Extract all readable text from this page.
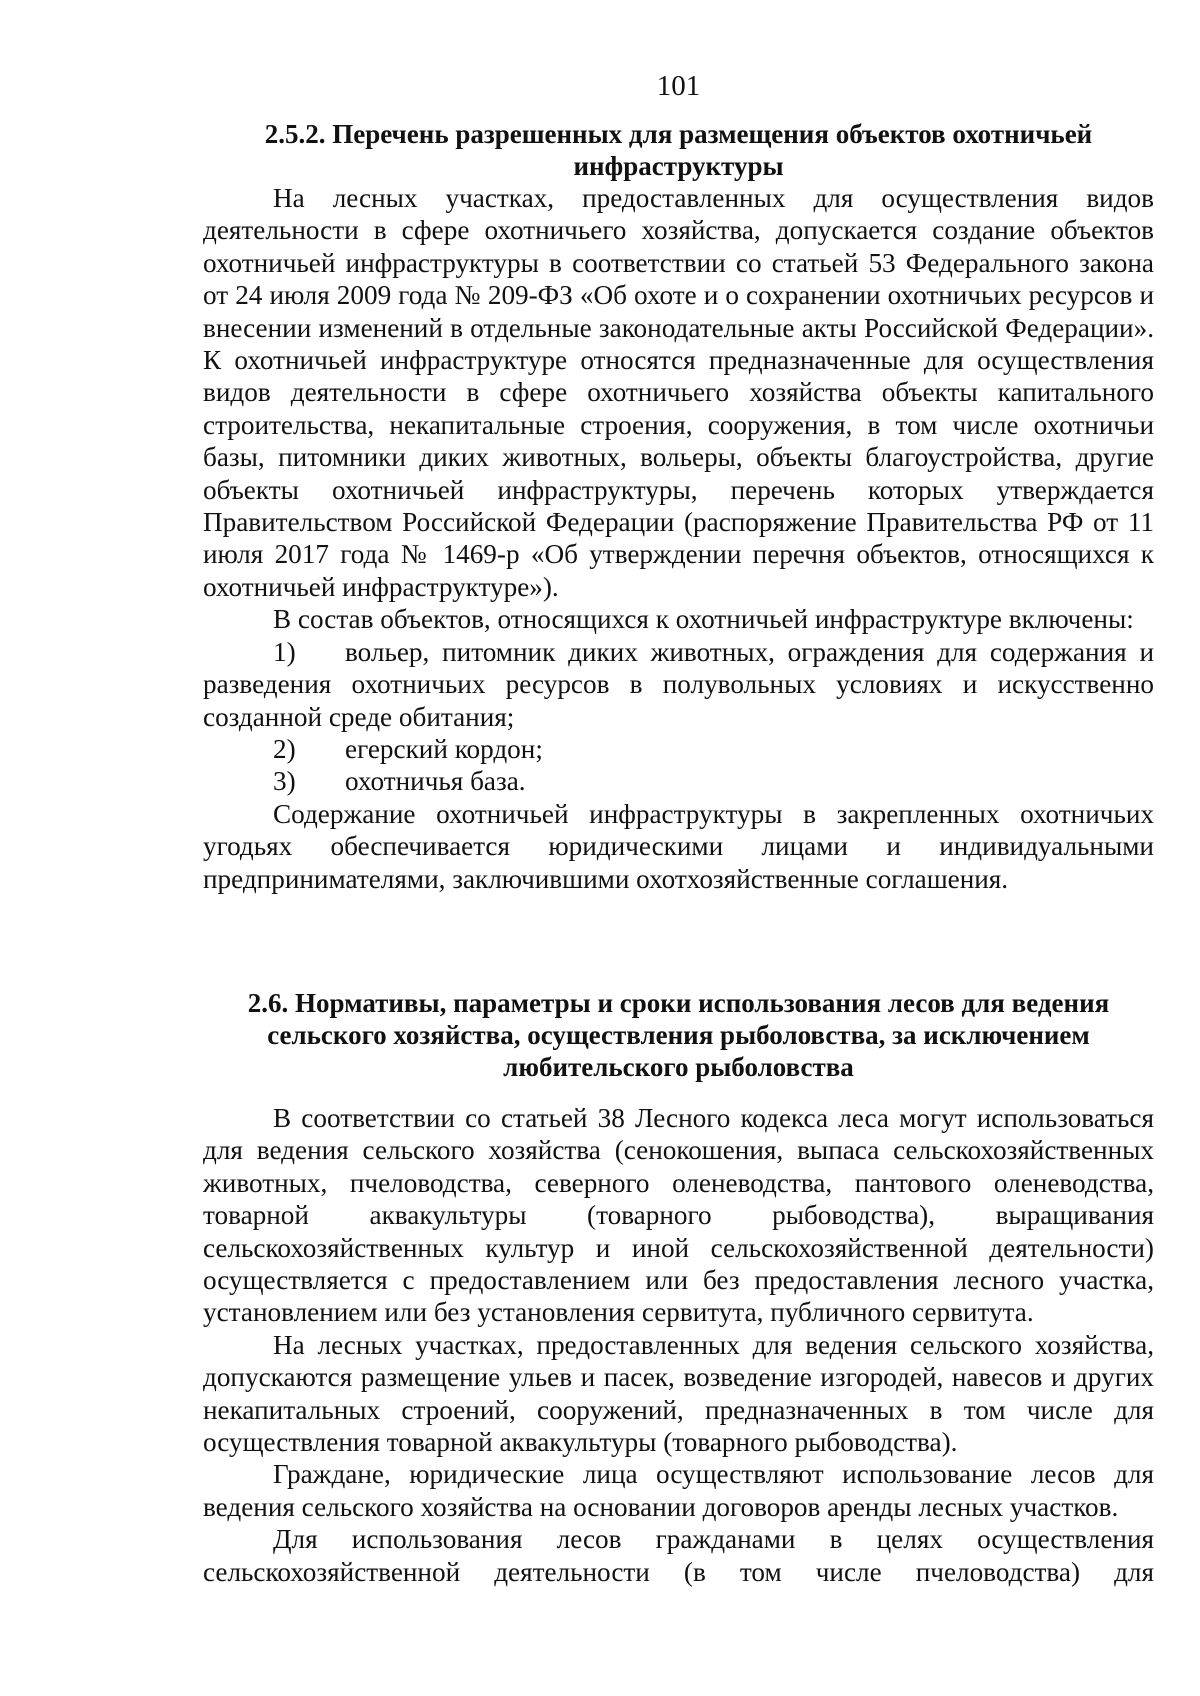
101
2.5.2. Перечень разрешенных для размещения объектов охотничьей инфраструктуры

На лесных участках, предоставленных для осуществления видов деятельности в сфере охотничьего хозяйства, допускается создание объектов охотничьей инфраструктуры в соответствии со статьей 53 Федерального закона от 24 июля 2009 года № 209-ФЗ «Об охоте и о сохранении охотничьих ресурсов и внесении изменений в отдельные законодательные акты Российской Федерации». К охотничьей инфраструктуре относятся предназначенные для осуществления видов деятельности в сфере охотничьего хозяйства объекты капитального строительства, некапитальные строения, сооружения, в том числе охотничьи базы, питомники диких животных, вольеры, объекты благоустройства, другие объекты охотничьей инфраструктуры, перечень которых утверждается Правительством Российской Федерации (распоряжение Правительства РФ от 11 июля 2017 года № 1469-р «Об утверждении перечня объектов, относящихся к охотничьей инфраструктуре»).

В состав объектов, относящихся к охотничьей инфраструктуре включены:

1) вольер, питомник диких животных, ограждения для содержания и разведения охотничьих ресурсов в полувольных условиях и искусственно созданной среде обитания;

2) егерский кордон;

3) охотничья база.

Содержание охотничьей инфраструктуры в закрепленных охотничьих угодьях обеспечивается юридическими лицами и индивидуальными предпринимателями, заключившими охотхозяйственные соглашения.

2.6. Нормативы, параметры и сроки использования лесов для ведения сельского хозяйства, осуществления рыболовства, за исключением любительского рыболовства

В соответствии со статьей 38 Лесного кодекса леса могут использоваться для ведения сельского хозяйства (сенокошения, выпаса сельскохозяйственных животных, пчеловодства, северного оленеводства, пантового оленеводства, товарной аквакультуры (товарного рыбоводства), выращивания сельскохозяйственных культур и иной сельскохозяйственной деятельности) осуществляется с предоставлением или без предоставления лесного участка, установлением или без установления сервитута, публичного сервитута.

На лесных участках, предоставленных для ведения сельского хозяйства, допускаются размещение ульев и пасек, возведение изгородей, навесов и других некапитальных строений, сооружений, предназначенных в том числе для осуществления товарной аквакультуры (товарного рыбоводства).

Граждане, юридические лица осуществляют использование лесов для ведения сельского хозяйства на основании договоров аренды лесных участков.

Для использования лесов гражданами в целях осуществления сельскохозяйственной деятельности (в том числе пчеловодства) для
